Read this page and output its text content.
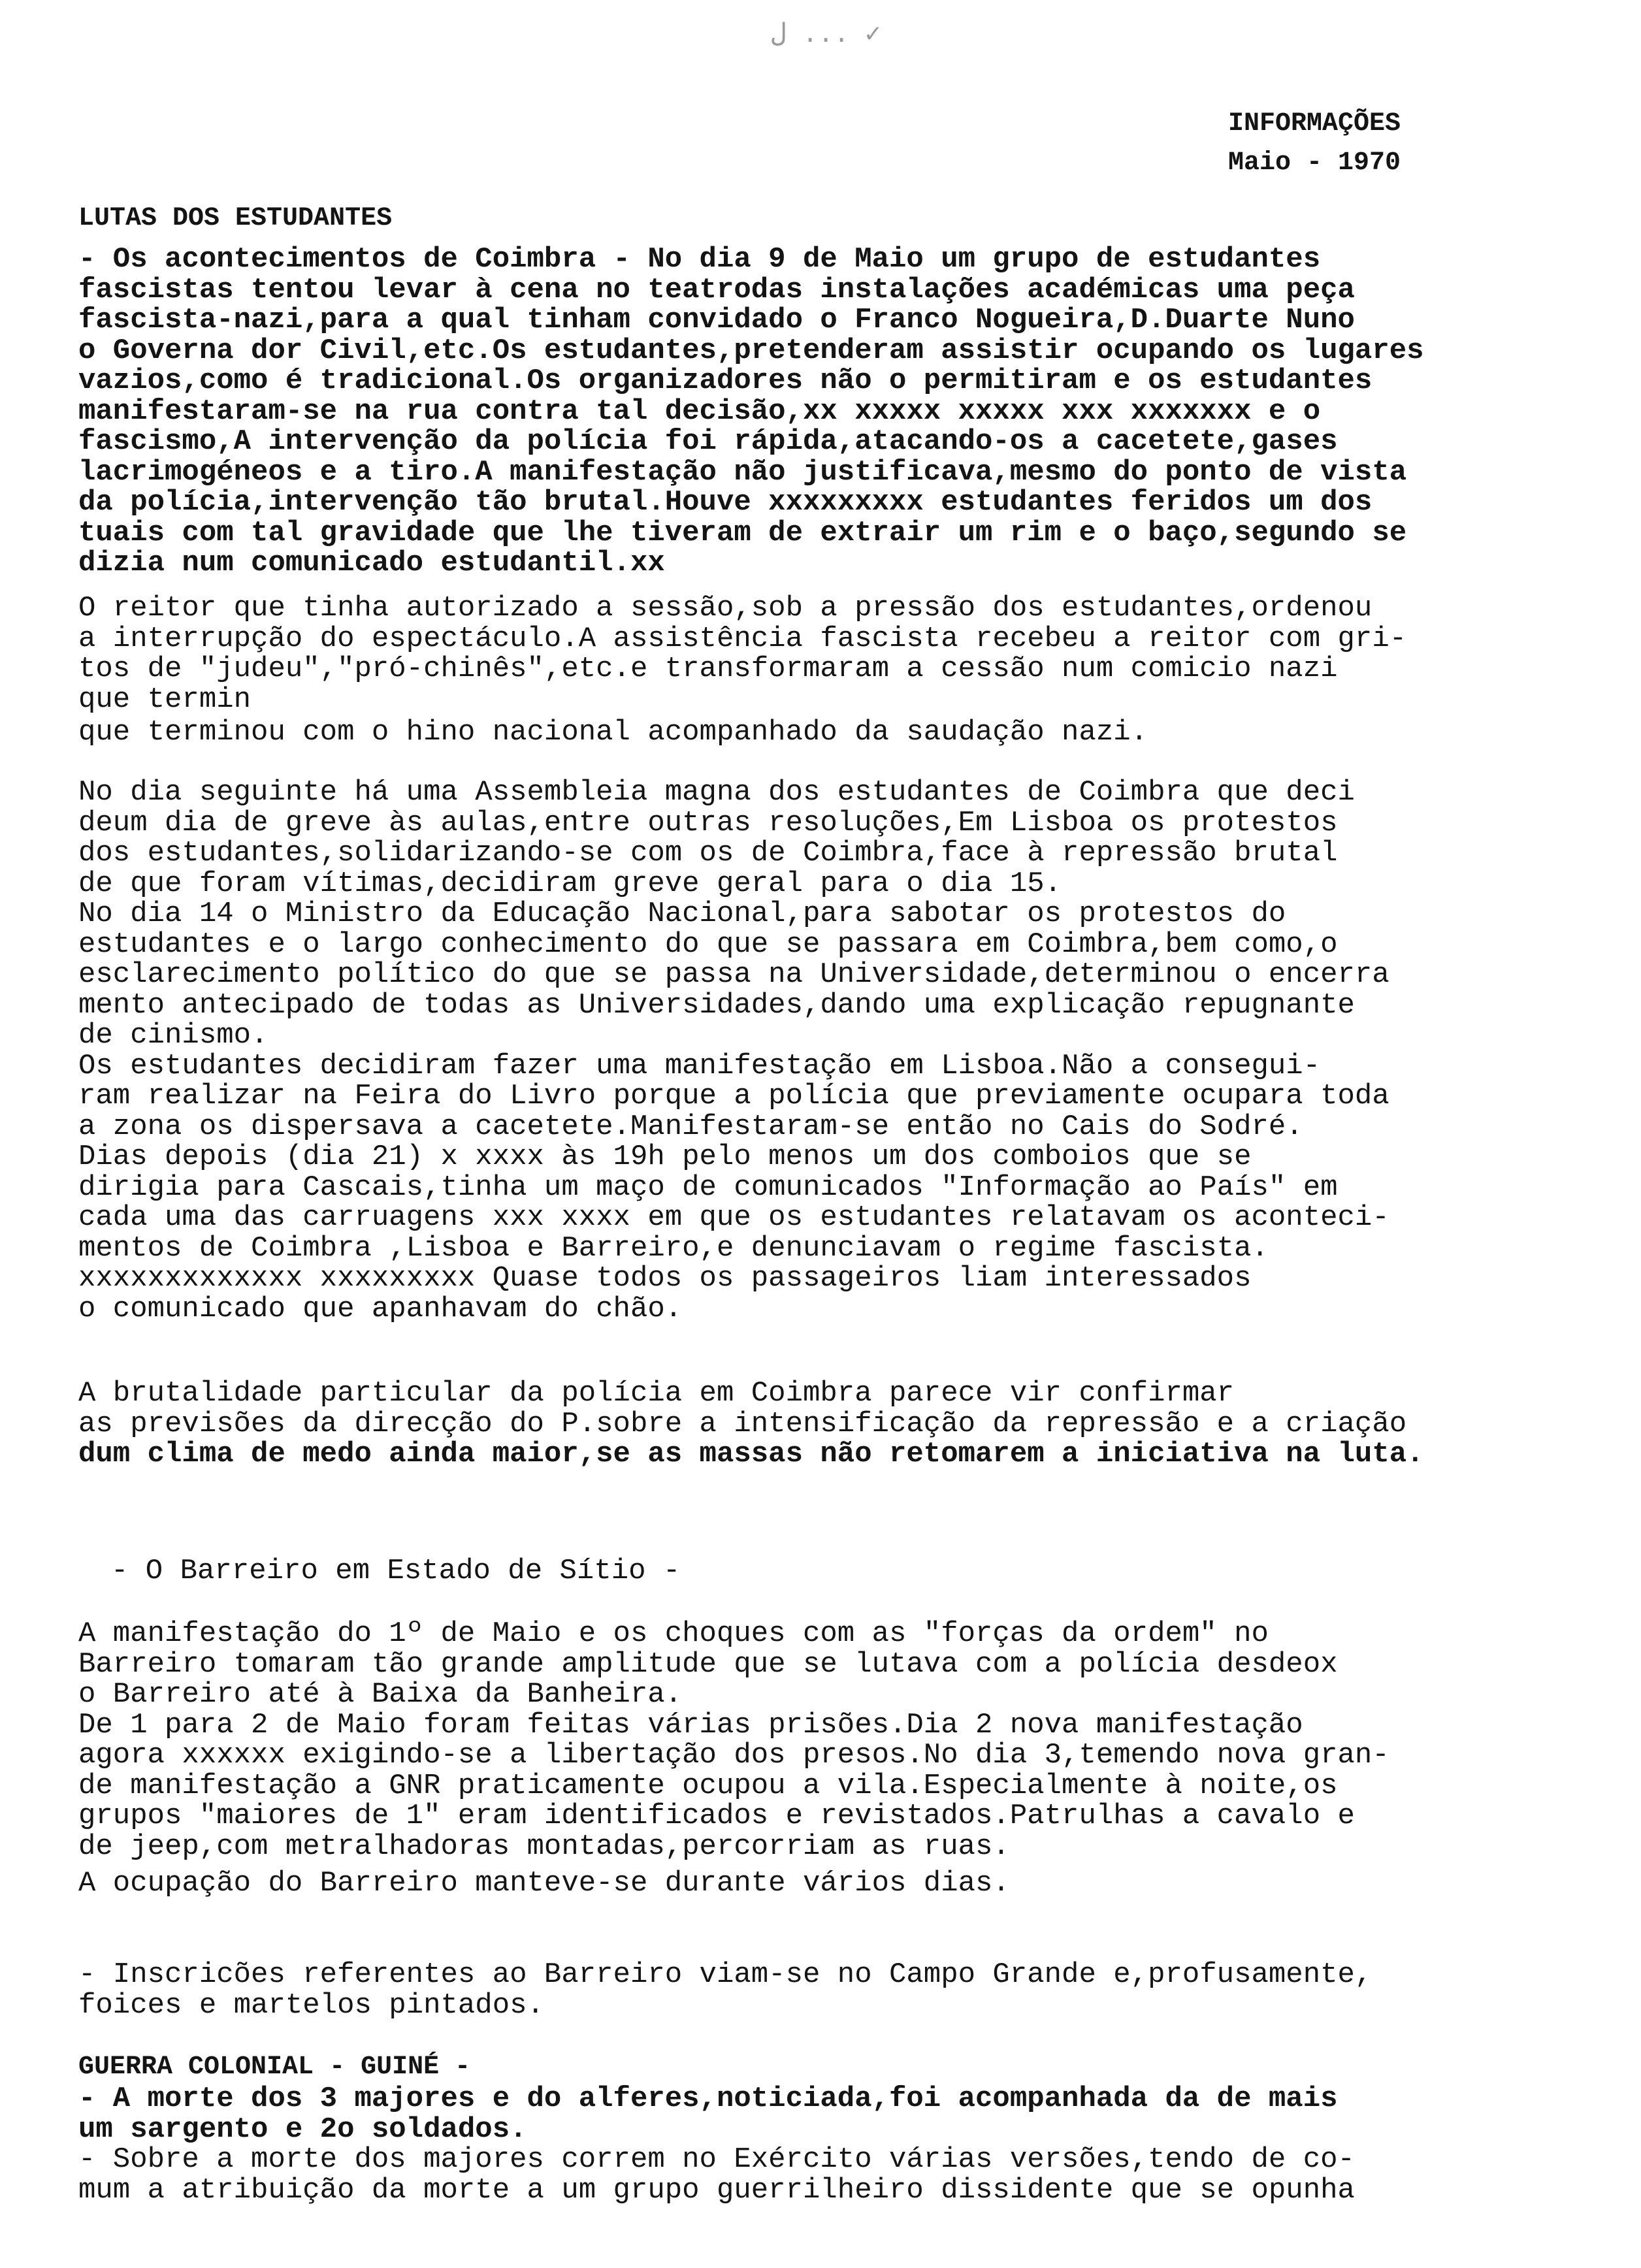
ل ... ✓
INFORMAÇÕES
Maio - 1970
LUTAS DOS ESTUDANTES
- Os acontecimentos de Coimbra - No dia 9 de Maio um grupo de estudantes
fascistas tentou levar à cena no teatrodas instalações académicas uma peça
fascista-nazi,para a qual tinham convidado o Franco Nogueira,D.Duarte Nuno
o Governa dor Civil,etc.Os estudantes,pretenderam assistir ocupando os lugares
vazios,como é tradicional.Os organizadores não o permitiram e os estudantes
manifestaram-se na rua contra tal decisão,xx xxxxx xxxxx xxx xxxxxxx e o
fascismo,A intervenção da polícia foi rápida,atacando-os a cacetete,gases
lacrimogéneos e a tiro.A manifestação não justificava,mesmo do ponto de vista
da polícia,intervenção tão brutal.Houve xxxxxxxxx estudantes feridos um dos
tuais com tal gravidade que lhe tiveram de extrair um rim e o baço,segundo se
dizia num comunicado estudantil.xx
O reitor que tinha autorizado a sessão,sob a pressão dos estudantes,ordenou
a interrupção do espectáculo.A assistência fascista recebeu a reitor com gri-
tos de "judeu","pró-chinês",etc.e transformaram a cessão num comicio nazi
que termin
que terminou com o hino nacional acompanhado da saudação nazi.
No dia seguinte há uma Assembleia magna dos estudantes de Coimbra que deci
deum dia de greve às aulas,entre outras resoluções,Em Lisboa os protestos
dos estudantes,solidarizando-se com os de Coimbra,face à repressão brutal
de que foram vítimas,decidiram greve geral para o dia 15.
No dia 14 o Ministro da Educação Nacional,para sabotar os protestos do
estudantes e o largo conhecimento do que se passara em Coimbra,bem como,o
esclarecimento político do que se passa na Universidade,determinou o encerra
mento antecipado de todas as Universidades,dando uma explicação repugnante
de cinismo.
Os estudantes decidiram fazer uma manifestação em Lisboa.Não a consegui-
ram realizar na Feira do Livro porque a polícia que previamente ocupara toda
a zona os dispersava a cacetete.Manifestaram-se então no Cais do Sodré.
Dias depois (dia 21) x xxxx às 19h pelo menos um dos comboios que se
dirigia para Cascais,tinha um maço de comunicados "Informação ao País" em
cada uma das carruagens xxx xxxx em que os estudantes relatavam os aconteci-
mentos de Coimbra ,Lisboa e Barreiro,e denunciavam o regime fascista.
xxxxxxxxxxxxx xxxxxxxxx Quase todos os passageiros liam interessados
o comunicado que apanhavam do chão.
A brutalidade particular da polícia em Coimbra parece vir confirmar
as previsões da direcção do P.sobre a intensificação da repressão e a criação
dum clima de medo ainda maior,se as massas não retomarem a iniciativa na luta.
- O Barreiro em Estado de Sítio -
A manifestação do 1º de Maio e os choques com as "forças da ordem" no
Barreiro tomaram tão grande amplitude que se lutava com a polícia desdeox
o Barreiro até à Baixa da Banheira.
De 1 para 2 de Maio foram feitas várias prisões.Dia 2 nova manifestação
agora xxxxxx exigindo-se a libertação dos presos.No dia 3,temendo nova gran-
de manifestação a GNR praticamente ocupou a vila.Especialmente à noite,os
grupos "maiores de 1" eram identificados e revistados.Patrulhas a cavalo e
de jeep,com metralhadoras montadas,percorriam as ruas.
A ocupação do Barreiro manteve-se durante vários dias.
- Inscricões referentes ao Barreiro viam-se no Campo Grande e,profusamente,
foices e martelos pintados.
GUERRA COLONIAL - GUINÉ -
- A morte dos 3 majores e do alferes,noticiada,foi acompanhada da de mais
um sargento e 2o soldados.
- Sobre a morte dos majores correm no Exército várias versões,tendo de co-
mum a atribuição da morte a um grupo guerrilheiro dissidente que se opunha
